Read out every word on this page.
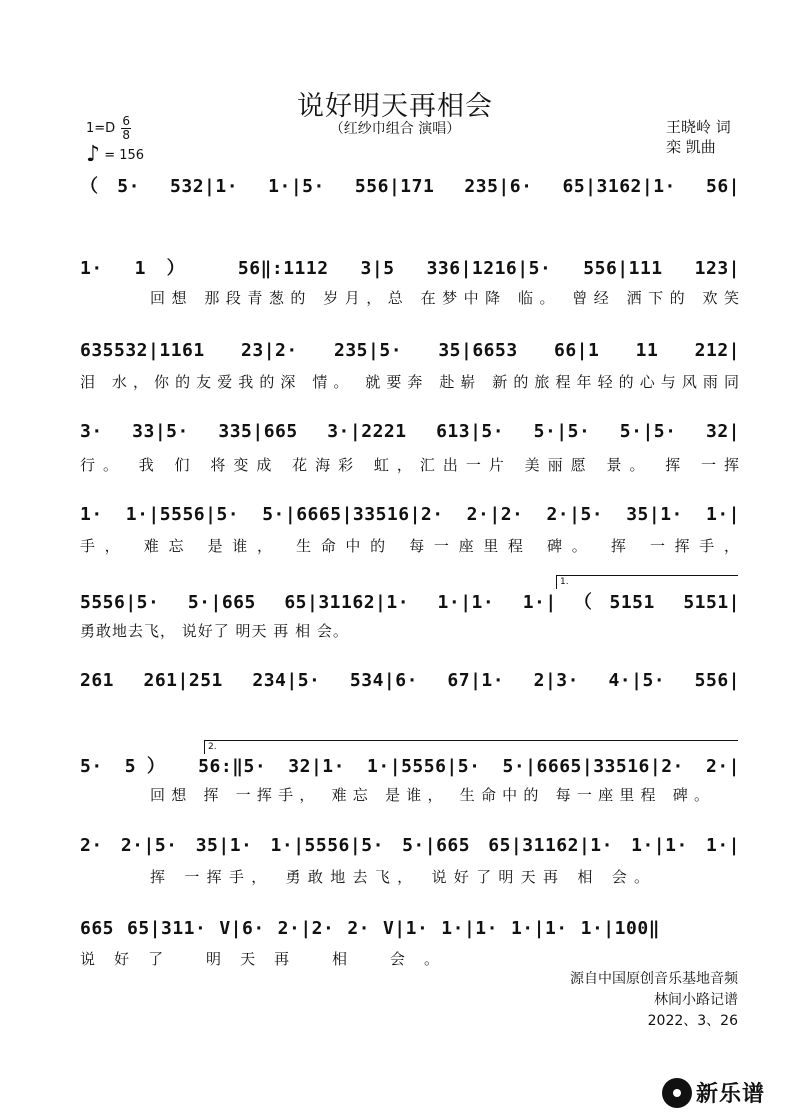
说好明天再相会
（红纱巾组合 演唱）
$1=D \frac{6}{8}$
♪ = 156
王晓岭 词
栾 凯曲
（5· 532|1· 1·|5· 556|171 235|6· 65|3162|1· 56|
1· 1） 56‖:1112 3|5 336|1216|5· 556|111 123|
回想 那段青葱的 岁月，总 在梦中降 临。 曾经 洒下的 欢笑
635532|1161 23|2· 235|5· 35|6653 66|1 11 212|
泪 水，你的友爱我的深 情。 就要奔 赴崭 新的旅程年轻的心与风雨同
3· 33|5· 335|665 3·|2221 613|5· 5·|5· 5·|5· 32|
行。 我 们 将变成 花海彩 虹，汇出一片 美丽愿 景。 挥 一挥
1· 1·|5556|5· 5·|6665|33516|2· 2·|2· 2·|5· 35|1· 1·|
手， 难忘 是谁， 生命中的 每一座里程 碑。 挥 一挥手，
1.
5556|5· 5·|665 65|31162|1· 1·|1· 1·|（5151 5151|
勇敢地去飞， 说好了 明天 再 相 会。
261 261|251 234|5· 534|6· 67|1· 2|3· 4·|5· 556|
2.
5· 5） 56:‖5· 32|1· 1·|5556|5· 5·|6665|33516|2· 2·|
回想 挥 一挥手， 难忘 是谁， 生命中的 每一座里程 碑。
2· 2·|5· 35|1· 1·|5556|5· 5·|665 65|31162|1· 1·|1· 1·|
挥 一挥手， 勇敢地去飞， 说好了明天再 相 会。
665 65|311· V|6· 2·|2· 2· V|1· 1·|1· 1·|1· 1·|100‖
说好了 明天再 相 会。
源自中国原创音乐基地音频
林间小路记谱
2022、3、26
新乐谱
